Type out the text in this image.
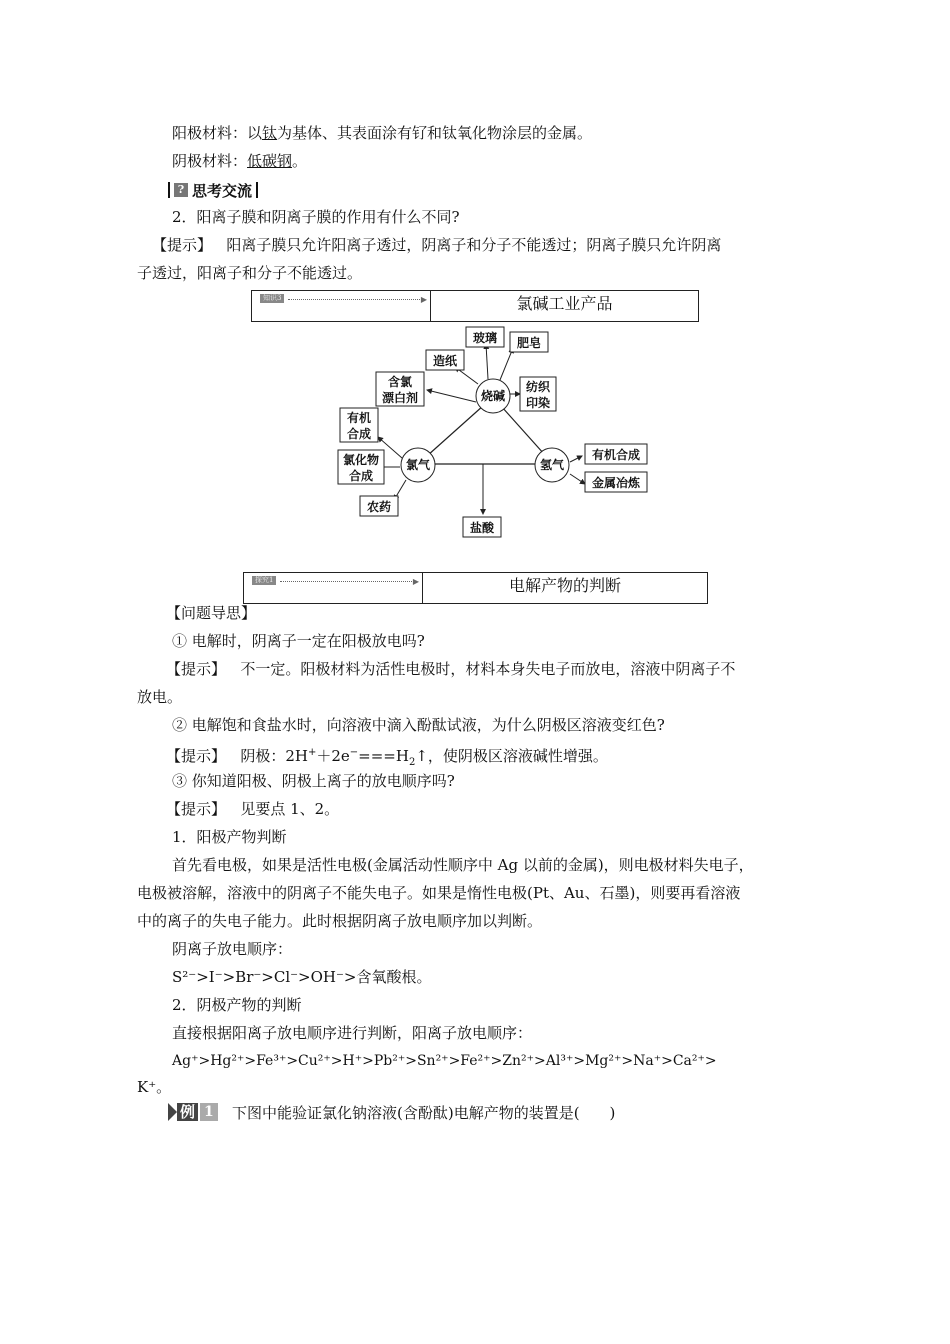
阳极材料：以钛为基体、其表面涂有钌和钛氧化物涂层的金属。
阴极材料：低碳钢。
? 思考交流
2．阳离子膜和阴离子膜的作用有什么不同?
【提示】 阳离子膜只允许阳离子透过，阴离子和分子不能透过；阴离子膜只允许阴离
子透过，阳离子和分子不能透过。
知识3	▶	氯碱工业产品
烧碱
氯气	氢气
玻璃 肥皂
造纸
纺织
印染
含氯
漂白剂
有机
合成
氯化物
合成
农药
有机合成
金属冶炼
盐酸
探究1	▶	电解产物的判断
【问题导思】
① 电解时，阴离子一定在阳极放电吗?
【提示】 不一定。阳极材料为活性电极时，材料本身失电子而放电，溶液中阴离子不
放电。
② 电解饱和食盐水时，向溶液中滴入酚酞试液，为什么阴极区溶液变红色?
【提示】 阴极：$2H^++2e^-===H_2↑$，使阴极区溶液碱性增强。
③ 你知道阳极、阴极上离子的放电顺序吗?
【提示】 见要点 1、2。
1．阳极产物判断
首先看电极，如果是活性电极(金属活动性顺序中 Ag 以前的金属)，则电极材料失电子，
电极被溶解，溶液中的阴离子不能失电子。如果是惰性电极(Pt、Au、石墨)，则要再看溶液
中的离子的失电子能力。此时根据阴离子放电顺序加以判断。
阴离子放电顺序：
S²⁻>I⁻>Br⁻>Cl⁻>OH⁻>含氧酸根。
2．阴极产物的判断
直接根据阳离子放电顺序进行判断，阳离子放电顺序：
Ag⁺>Hg²⁺>Fe³⁺>Cu²⁺>H⁺>Pb²⁺>Sn²⁺>Fe²⁺>Zn²⁺>Al³⁺>Mg²⁺>Na⁺>Ca²⁺>
K⁺。
例 1 下图中能验证氯化钠溶液(含酚酞)电解产物的装置是(　　)
